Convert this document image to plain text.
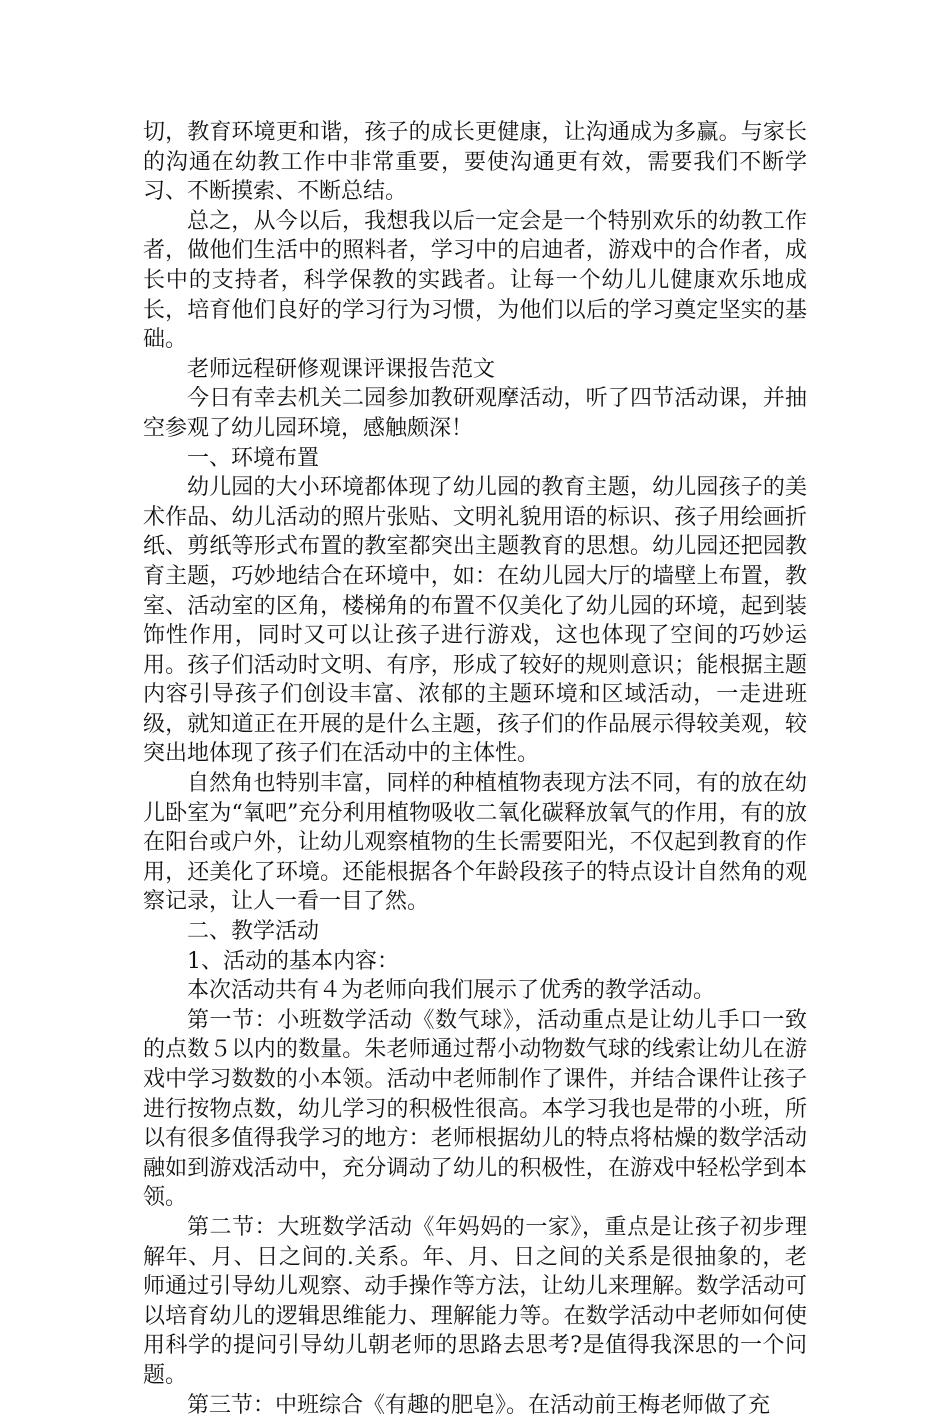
切，教育环境更和谐，孩子的成长更健康，让沟通成为多赢。与家长的沟通在幼教工作中非常重要，要使沟通更有效，需要我们不断学习、不断摸索、不断总结。

总之，从今以后，我想我以后一定会是一个特别欢乐的幼教工作者，做他们生活中的照料者，学习中的启迪者，游戏中的合作者，成长中的支持者，科学保教的实践者。让每一个幼儿儿健康欢乐地成长，培育他们良好的学习行为习惯，为他们以后的学习奠定坚实的基础。

老师远程研修观课评课报告范文

今日有幸去机关二园参加教研观摩活动，听了四节活动课，并抽空参观了幼儿园环境，感触颇深！

一、环境布置

幼儿园的大小环境都体现了幼儿园的教育主题，幼儿园孩子的美术作品、幼儿活动的照片张贴、文明礼貌用语的标识、孩子用绘画折纸、剪纸等形式布置的教室都突出主题教育的思想。幼儿园还把园教育主题，巧妙地结合在环境中，如：在幼儿园大厅的墙壁上布置，教室、活动室的区角，楼梯角的布置不仅美化了幼儿园的环境，起到装饰性作用，同时又可以让孩子进行游戏，这也体现了空间的巧妙运用。孩子们活动时文明、有序，形成了较好的规则意识；能根据主题内容引导孩子们创设丰富、浓郁的主题环境和区域活动，一走进班级，就知道正在开展的是什么主题，孩子们的作品展示得较美观，较突出地体现了孩子们在活动中的主体性。

自然角也特别丰富，同样的种植植物表现方法不同，有的放在幼儿卧室为“氧吧”充分利用植物吸收二氧化碳释放氧气的作用，有的放在阳台或户外，让幼儿观察植物的生长需要阳光，不仅起到教育的作用，还美化了环境。还能根据各个年龄段孩子的特点设计自然角的观察记录，让人一看一目了然。

二、教学活动

1、活动的基本内容：

本次活动共有４为老师向我们展示了优秀的教学活动。

第一节：小班数学活动《数气球》，活动重点是让幼儿手口一致的点数５以内的数量。朱老师通过帮小动物数气球的线索让幼儿在游戏中学习数数的小本领。活动中老师制作了课件，并结合课件让孩子进行按物点数，幼儿学习的积极性很高。本学习我也是带的小班，所以有很多值得我学习的地方：老师根据幼儿的特点将枯燥的数学活动融如到游戏活动中，充分调动了幼儿的积极性，在游戏中轻松学到本领。

第二节：大班数学活动《年妈妈的一家》，重点是让孩子初步理解年、月、日之间的.关系。年、月、日之间的关系是很抽象的，老师通过引导幼儿观察、动手操作等方法，让幼儿来理解。数学活动可以培育幼儿的逻辑思维能力、理解能力等。在数学活动中老师如何使用科学的提问引导幼儿朝老师的思路去思考?是值得我深思的一个问题。

第三节：中班综合《有趣的肥皂》。在活动前王梅老师做了充
